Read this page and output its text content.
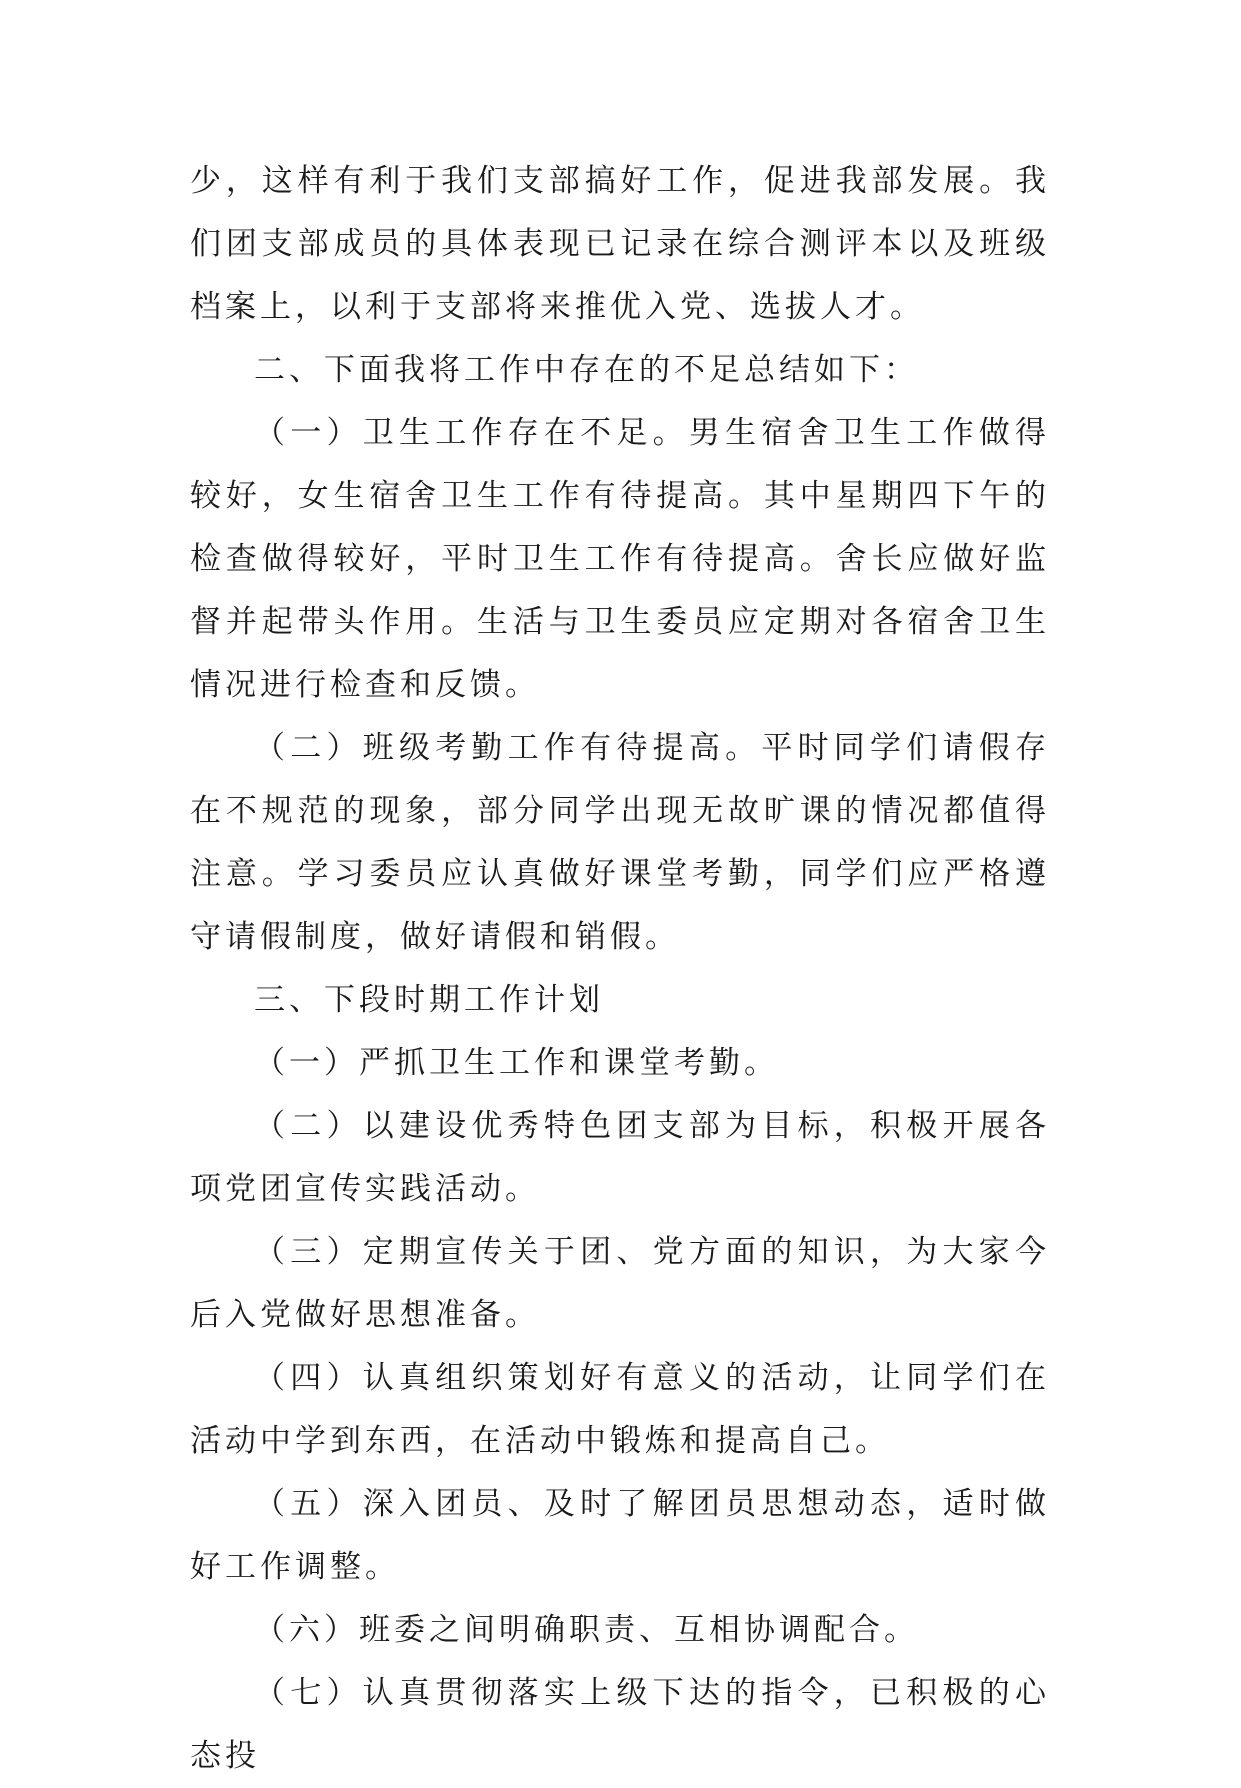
少，这样有利于我们支部搞好工作，促进我部发展。我们团支部成员的具体表现已记录在综合测评本以及班级档案上，以利于支部将来推优入党、选拔人才。

二、下面我将工作中存在的不足总结如下：

（一）卫生工作存在不足。男生宿舍卫生工作做得较好，女生宿舍卫生工作有待提高。其中星期四下午的检查做得较好，平时卫生工作有待提高。舍长应做好监督并起带头作用。生活与卫生委员应定期对各宿舍卫生情况进行检查和反馈。

（二）班级考勤工作有待提高。平时同学们请假存在不规范的现象，部分同学出现无故旷课的情况都值得注意。学习委员应认真做好课堂考勤，同学们应严格遵守请假制度，做好请假和销假。

三、下段时期工作计划

（一）严抓卫生工作和课堂考勤。

（二）以建设优秀特色团支部为目标，积极开展各项党团宣传实践活动。

（三）定期宣传关于团、党方面的知识，为大家今后入党做好思想准备。

（四）认真组织策划好有意义的活动，让同学们在活动中学到东西，在活动中锻炼和提高自己。

（五）深入团员、及时了解团员思想动态，适时做好工作调整。

（六）班委之间明确职责、互相协调配合。

（七）认真贯彻落实上级下达的指令，已积极的心态投
